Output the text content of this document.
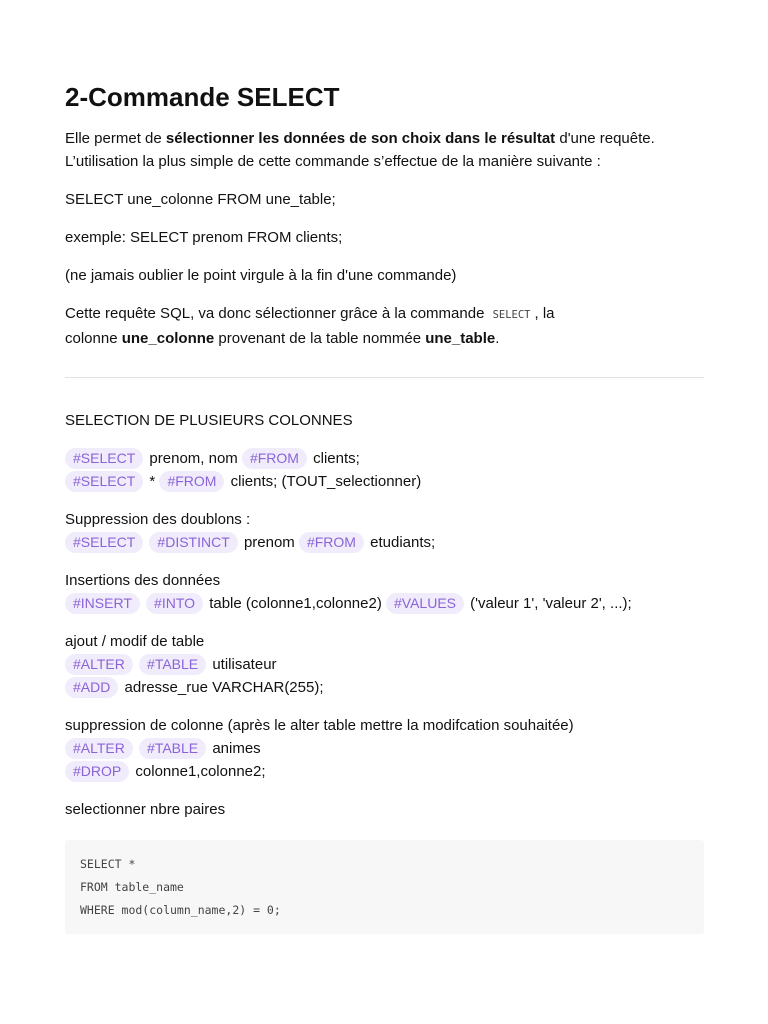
2-Commande SELECT

Elle permet de sélectionner les données de son choix dans le résultat d'une requête.
L’utilisation la plus simple de cette commande s’effectue de la manière suivante :

SELECT une_colonne FROM une_table;

exemple: SELECT prenom FROM clients;

(ne jamais oublier le point virgule à la fin d'une commande)

Cette requête SQL, va donc sélectionner grâce à la commande SELECT , la
colonne une_colonne provenant de la table nommée une_table.

SELECTION DE PLUSIEURS COLONNES

#SELECT prenom, nom #FROM clients;
#SELECT * #FROM clients; (TOUT_selectionner)
Suppression des doublons :
#SELECT #DISTINCT prenom #FROM etudiants;
Insertions des données
#INSERT #INTO table (colonne1,colonne2) #VALUES ('valeur 1', 'valeur 2', ...);
ajout / modif de table
#ALTER #TABLE utilisateur
#ADD adresse_rue VARCHAR(255);
suppression de colonne (après le alter table mettre la modifcation souhaitée)
#ALTER #TABLE animes
#DROP colonne1,colonne2;
selectionner nbre paires
SELECT *
FROM table_name
WHERE mod(column_name,2) = 0;
